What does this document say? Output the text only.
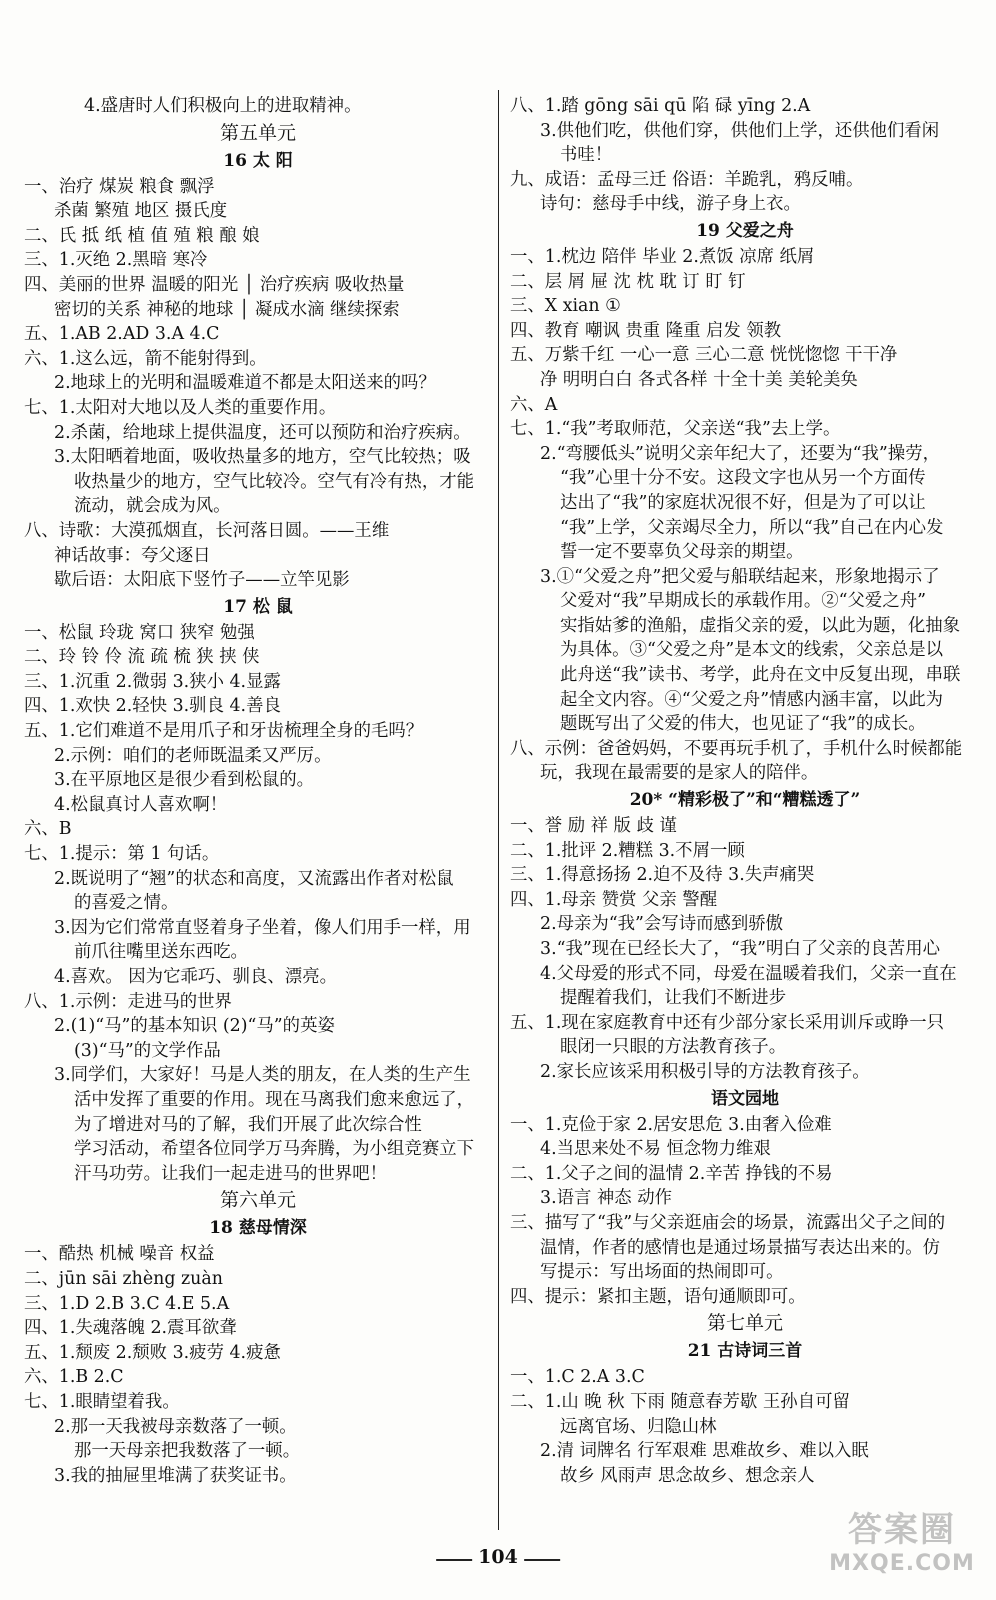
4.盛唐时人们积极向上的进取精神。
第五单元
16 太 阳
一、治疗 煤炭 粮食 飘浮
杀菌 繁殖 地区 摄氏度
二、氏 抵 纸 植 值 殖 粮 酿 娘
三、1.灭绝 2.黑暗 寒冷
四、美丽的世界 温暖的阳光 │ 治疗疾病 吸收热量
密切的关系 神秘的地球 │ 凝成水滴 继续探索
五、1.AB 2.AD 3.A 4.C
六、1.这么远，箭不能射得到。
2.地球上的光明和温暖难道不都是太阳送来的吗？
七、1.太阳对大地以及人类的重要作用。
2.杀菌，给地球上提供温度，还可以预防和治疗疾病。
3.太阳晒着地面，吸收热量多的地方，空气比较热；吸
收热量少的地方，空气比较冷。空气有冷有热，才能
流动，就会成为风。
八、诗歌：大漠孤烟直，长河落日圆。——王维
神话故事：夸父逐日
歇后语：太阳底下竖竹子——立竿见影
17 松 鼠
一、松鼠 玲珑 窝口 狭窄 勉强
二、玲 铃 伶 流 疏 梳 狭 挟 侠
三、1.沉重 2.微弱 3.狭小 4.显露
四、1.欢快 2.轻快 3.驯良 4.善良
五、1.它们难道不是用爪子和牙齿梳理全身的毛吗？
2.示例：咱们的老师既温柔又严厉。
3.在平原地区是很少看到松鼠的。
4.松鼠真讨人喜欢啊！
六、B
七、1.提示：第 1 句话。
2.既说明了“翘”的状态和高度，又流露出作者对松鼠
的喜爱之情。
3.因为它们常常直竖着身子坐着，像人们用手一样，用
前爪往嘴里送东西吃。
4.喜欢。 因为它乖巧、驯良、漂亮。
八、1.示例：走进马的世界
2.(1)“马”的基本知识 (2)“马”的英姿
(3)“马”的文学作品
3.同学们，大家好！马是人类的朋友，在人类的生产生
活中发挥了重要的作用。现在马离我们愈来愈远了，
为了增进对马的了解，我们开展了此次综合性
学习活动，希望各位同学万马奔腾，为小组竞赛立下
汗马功劳。让我们一起走进马的世界吧！
第六单元
18 慈母情深
一、酷热 机械 噪音 权益
二、jūn sāi zhèng zuàn
三、1.D 2.B 3.C 4.E 5.A
四、1.失魂落魄 2.震耳欲聋
五、1.颓废 2.颓败 3.疲劳 4.疲惫
六、1.B 2.C
七、1.眼睛望着我。
2.那一天我被母亲数落了一顿。
那一天母亲把我数落了一顿。
3.我的抽屉里堆满了获奖证书。
八、1.踏 gōng sāi qū 陷 碌 yīng 2.A
3.供他们吃，供他们穿，供他们上学，还供他们看闲
书哇！
九、成语：孟母三迁 俗语：羊跪乳，鸦反哺。
诗句：慈母手中线，游子身上衣。
19 父爱之舟
一、1.枕边 陪伴 毕业 2.煮饭 凉席 纸屑
二、层 屑 屉 沈 枕 耽 订 盯 钉
三、X xian ①
四、教育 嘲讽 贵重 隆重 启发 领教
五、万紫千红 一心一意 三心二意 恍恍惚惚 干干净
净 明明白白 各式各样 十全十美 美轮美奂
六、A
七、1.“我”考取师范，父亲送“我”去上学。
2.“弯腰低头”说明父亲年纪大了，还要为“我”操劳，
“我”心里十分不安。这段文字也从另一个方面传
达出了“我”的家庭状况很不好，但是为了可以让
“我”上学，父亲竭尽全力，所以“我”自己在内心发
誓一定不要辜负父母亲的期望。
3.①“父爱之舟”把父爱与船联结起来，形象地揭示了
父爱对“我”早期成长的承载作用。②“父爱之舟”
实指姑爹的渔船，虚指父亲的爱，以此为题，化抽象
为具体。③“父爱之舟”是本文的线索，父亲总是以
此舟送“我”读书、考学，此舟在文中反复出现，串联
起全文内容。④“父爱之舟”情感内涵丰富，以此为
题既写出了父爱的伟大，也见证了“我”的成长。
八、示例：爸爸妈妈，不要再玩手机了，手机什么时候都能
玩，我现在最需要的是家人的陪伴。
20* “精彩极了”和“糟糕透了”
一、誉 励 祥 版 歧 谨
二、1.批评 2.糟糕 3.不屑一顾
三、1.得意扬扬 2.迫不及待 3.失声痛哭
四、1.母亲 赞赏 父亲 警醒
2.母亲为“我”会写诗而感到骄傲
3.“我”现在已经长大了，“我”明白了父亲的良苦用心
4.父母爱的形式不同，母爱在温暖着我们，父亲一直在
提醒着我们，让我们不断进步
五、1.现在家庭教育中还有少部分家长采用训斥或睁一只
眼闭一只眼的方法教育孩子。
2.家长应该采用积极引导的方法教育孩子。
语文园地
一、1.克俭于家 2.居安思危 3.由奢入俭难
4.当思来处不易 恒念物力维艰
二、1.父子之间的温情 2.辛苦 挣钱的不易
3.语言 神态 动作
三、描写了“我”与父亲逛庙会的场景，流露出父子之间的
温情，作者的感情也是通过场景描写表达出来的。仿
写提示：写出场面的热闹即可。
四、提示：紧扣主题，语句通顺即可。
第七单元
21 古诗词三首
一、1.C 2.A 3.C
二、1.山 晚 秋 下雨 随意春芳歇 王孙自可留
远离官场、归隐山林
2.清 词牌名 行军艰难 思难故乡、难以入眠
故乡 风雨声 思念故乡、想念亲人
104
答案圈
MXQE.COM
